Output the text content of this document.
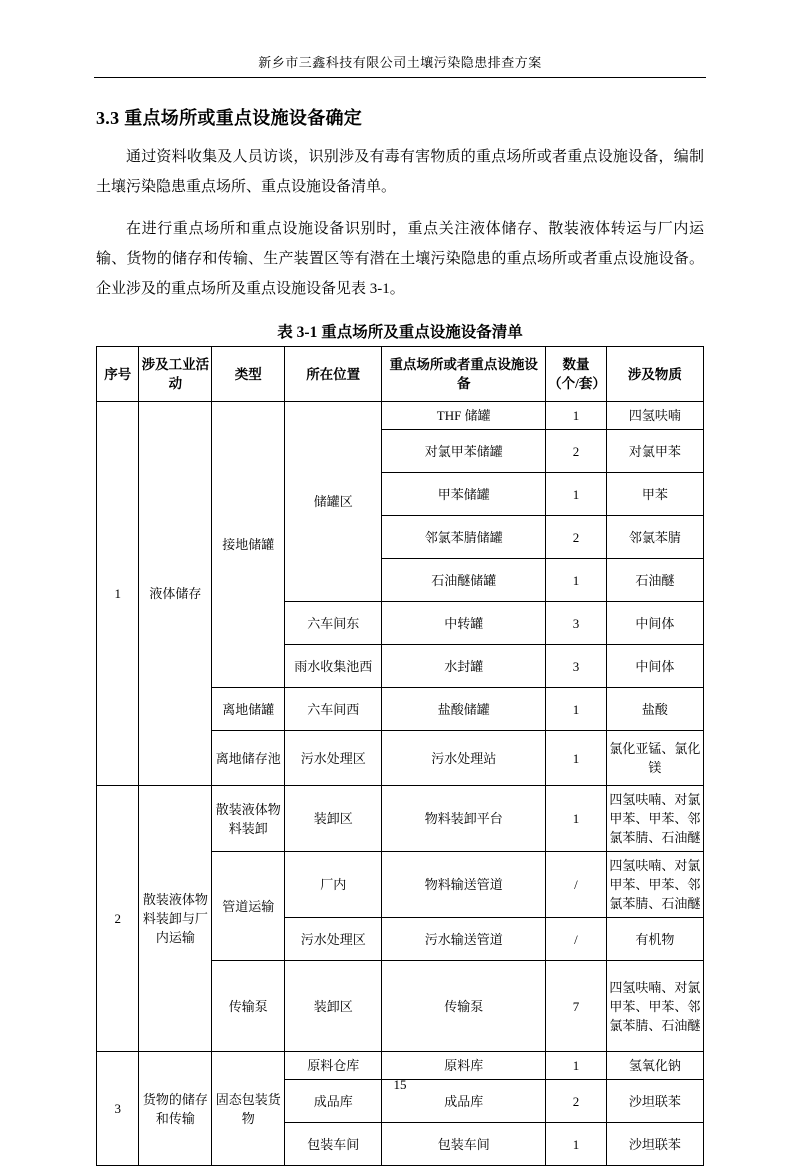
新乡市三鑫科技有限公司土壤污染隐患排查方案
3.3 重点场所或重点设施设备确定

通过资料收集及人员访谈，识别涉及有毒有害物质的重点场所或者重点设施设备，编制土壤污染隐患重点场所、重点设施设备清单。

在进行重点场所和重点设施设备识别时，重点关注液体储存、散装液体转运与厂内运输、货物的储存和传输、生产装置区等有潜在土壤污染隐患的重点场所或者重点设施设备。企业涉及的重点场所及重点设施设备见表 3-1。

表 3-1 重点场所及重点设施设备清单
序号	涉及工业活动	类型	所在位置	重点场所或者重点设施设备	数量（个/套）	涉及物质
1	液体储存	接地储罐	储罐区	THF 储罐	1	四氢呋喃
				对氯甲苯储罐	2	对氯甲苯
				甲苯储罐	1	甲苯
				邻氯苯腈储罐	2	邻氯苯腈
				石油醚储罐	1	石油醚
			六车间东	中转罐	3	中间体
			雨水收集池西	水封罐	3	中间体
		离地储罐	六车间西	盐酸储罐	1	盐酸
		离地储存池	污水处理区	污水处理站	1	氯化亚锰、氯化镁
2	散装液体物料装卸与厂内运输	散装液体物料装卸	装卸区	物料装卸平台	1	四氢呋喃、对氯甲苯、甲苯、邻氯苯腈、石油醚
		管道运输	厂内	物料输送管道	/	四氢呋喃、对氯甲苯、甲苯、邻氯苯腈、石油醚
			污水处理区	污水输送管道	/	有机物
		传输泵	装卸区	传输泵	7	四氢呋喃、对氯甲苯、甲苯、邻氯苯腈、石油醚
3	货物的储存和传输	固态包装货物	原料仓库	原料库	1	氢氧化钠
			成品库	成品库	2	沙坦联苯
			包装车间	包装车间	1	沙坦联苯
15
